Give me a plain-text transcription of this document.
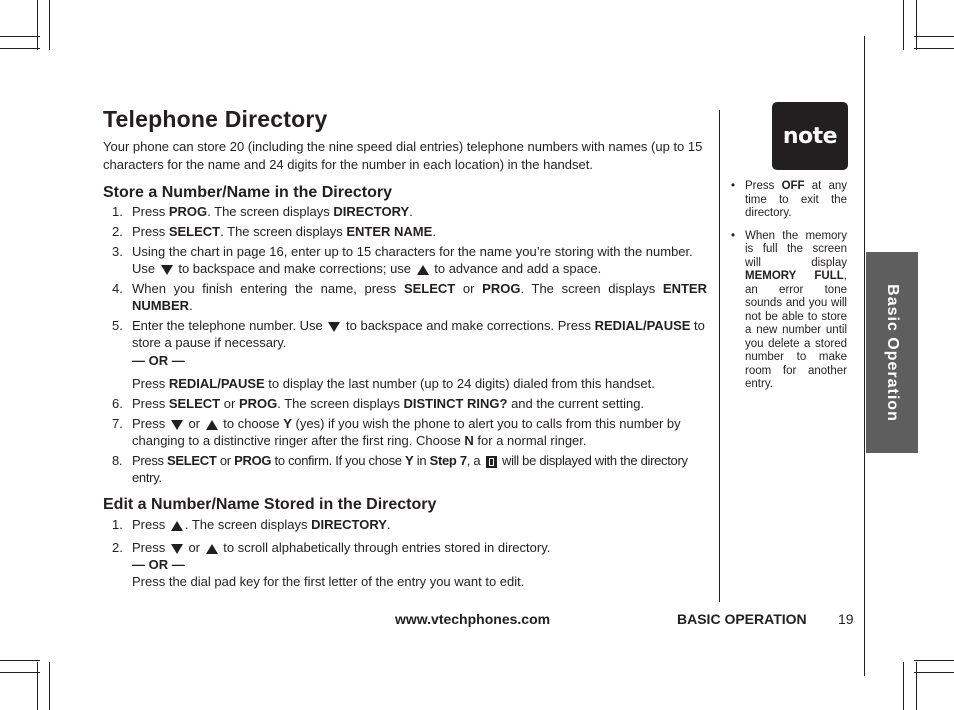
Telephone Directory
Your phone can store 20 (including the nine speed dial entries) telephone numbers with names (up to 15 characters for the name and 24 digits for the number in each location) in the handset.
Store a Number/Name in the Directory
1. Press PROG. The screen displays DIRECTORY.
2. Press SELECT. The screen displays ENTER NAME.
3. Using the chart in page 16, enter up to 15 characters for the name you’re storing with the number. Use  to backspace and make corrections; use  to advance and add a space.
4. When you finish entering the name, press SELECT or PROG. The screen displays ENTER NUMBER.
5. Enter the telephone number. Use  to backspace and make corrections. Press REDIAL/PAUSE to store a pause if necessary.
— OR —
Press REDIAL/PAUSE to display the last number (up to 24 digits) dialed from this handset.
6. Press SELECT or PROG. The screen displays DISTINCT RING? and the current setting.
7. Press  or  to choose Y (yes) if you wish the phone to alert you to calls from this number by changing to a distinctive ringer after the first ring. Choose N for a normal ringer.
8. Press SELECT or PROG to confirm. If you chose Y in Step 7, a  will be displayed with the directory entry.
Edit a Number/Name Stored in the Directory
1. Press . The screen displays DIRECTORY.
2. Press  or  to scroll alphabetically through entries stored in directory.
— OR —
Press the dial pad key for the first letter of the entry you want to edit.
note
• Press OFF at any time to exit the directory.
• When the memory is full the screen will display MEMORY FULL, an error tone sounds and you will not be able to store a new number until you delete a stored number to make room for another entry.	Basic Operation
www.vtechphones.com	BASIC OPERATION 19
